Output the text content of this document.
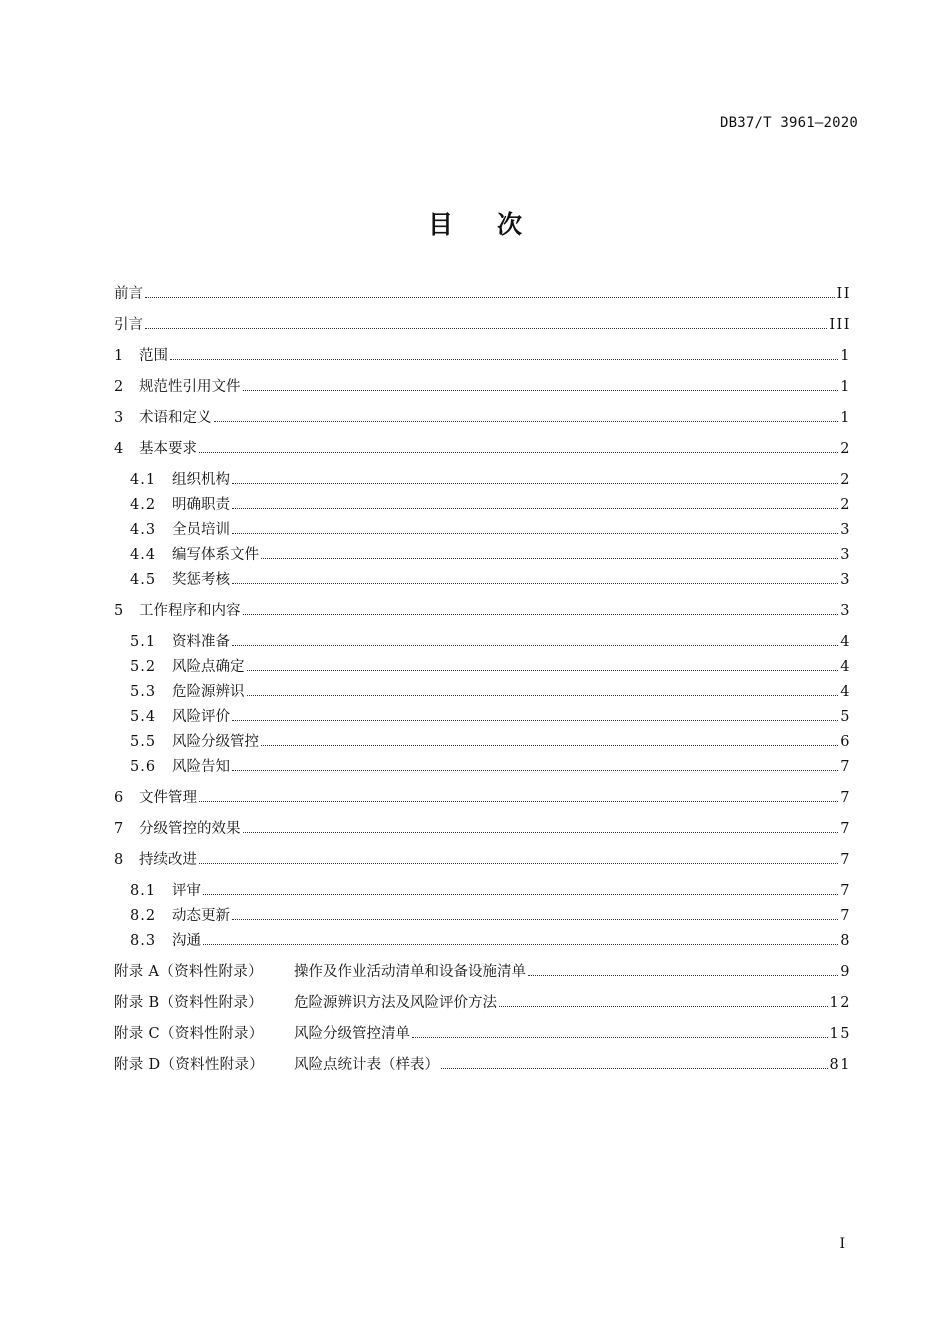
DB37/T 3961—2020
目次
前言	II
引言	III
1	范围	1
2	规范性引用文件	1
3	术语和定义	1
4	基本要求	2
4.1	组织机构	2
4.2	明确职责	2
4.3	全员培训	3
4.4	编写体系文件	3
4.5	奖惩考核	3
5	工作程序和内容	3
5.1	资料准备	4
5.2	风险点确定	4
5.3	危险源辨识	4
5.4	风险评价	5
5.5	风险分级管控	6
5.6	风险告知	7
6	文件管理	7
7	分级管控的效果	7
8	持续改进	7
8.1	评审	7
8.2	动态更新	7
8.3	沟通	8
附录 A（资料性附录）	操作及作业活动清单和设备设施清单	9
附录 B（资料性附录）	危险源辨识方法及风险评价方法	12
附录 C（资料性附录）	风险分级管控清单	15
附录 D（资料性附录）	风险点统计表（样表）	81
I
